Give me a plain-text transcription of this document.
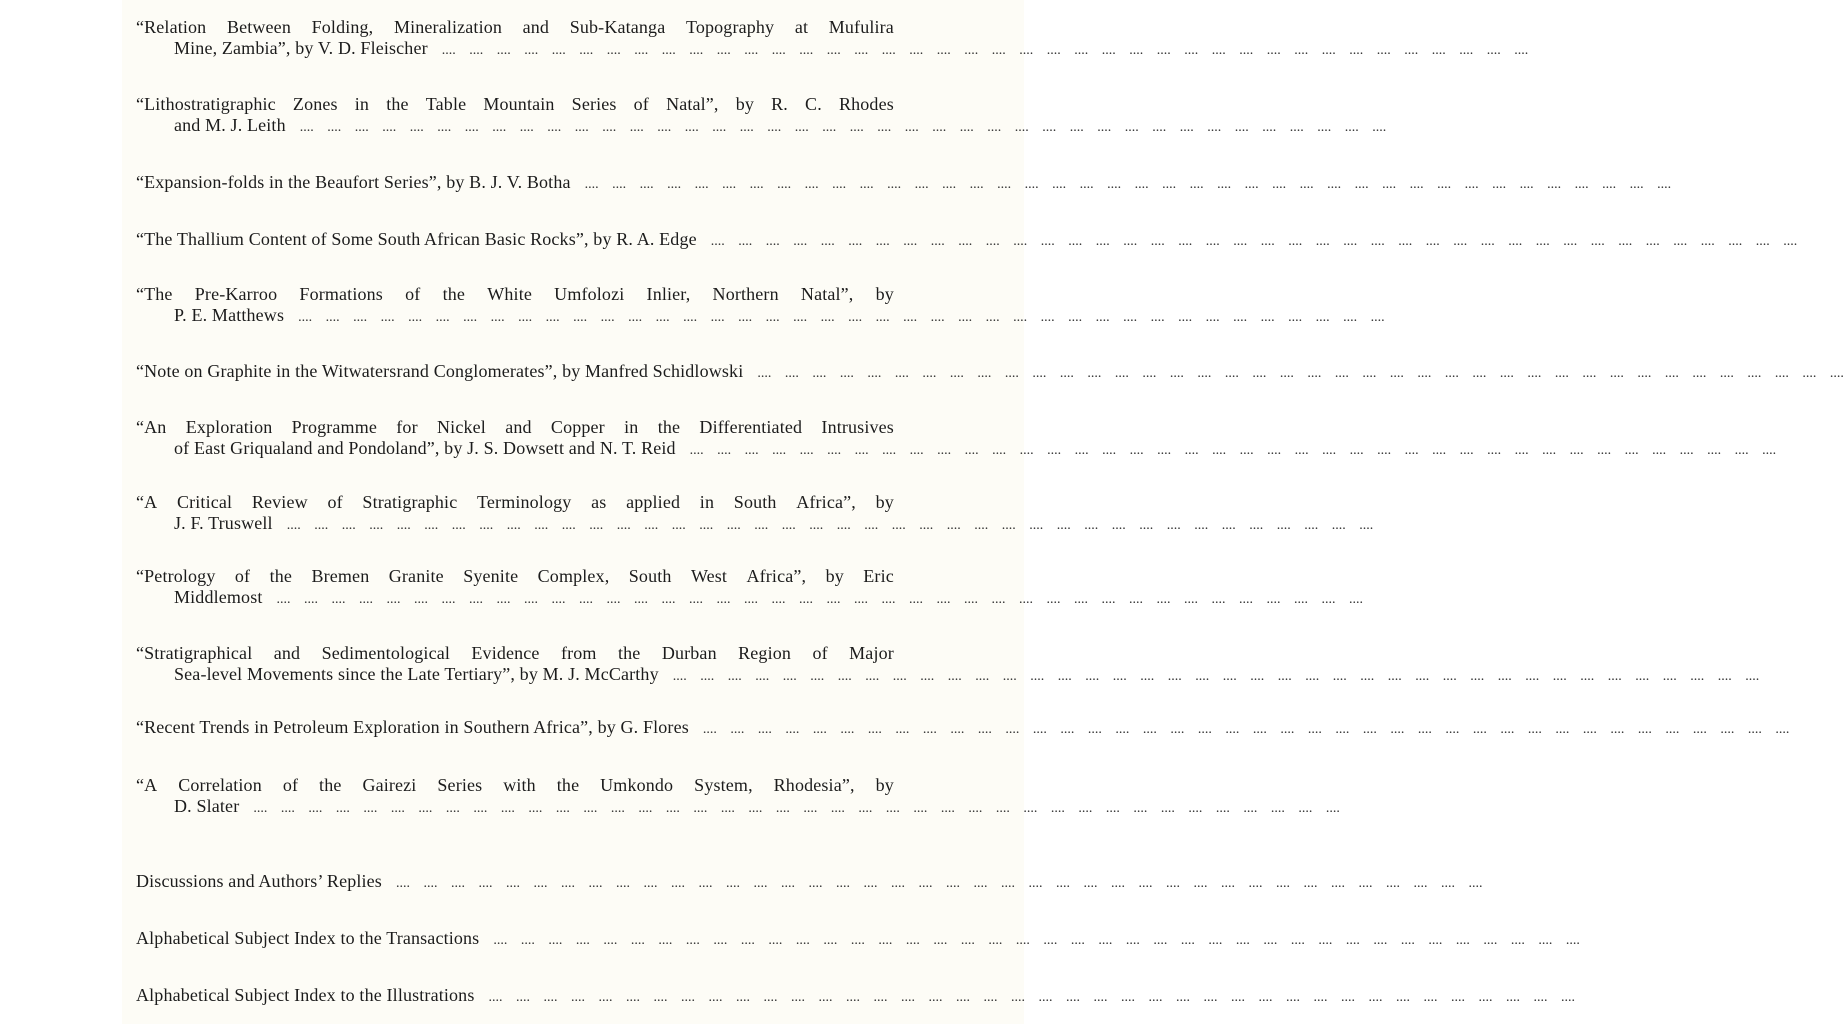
“Relation Between Folding, Mineralization and Sub-Katanga Topography at Mufulira
Mine, Zambia”, by V. D. Fleischer .... .... .... .... .... .... .... .... .... .... .... .... .... .... .... .... .... .... .... .... .... .... .... .... .... .... .... .... .... .... .... .... .... .... .... .... .... .... .... ....
“Lithostratigraphic Zones in the Table Mountain Series of Natal”, by R. C. Rhodes
and M. J. Leith .... .... .... .... .... .... .... .... .... .... .... .... .... .... .... .... .... .... .... .... .... .... .... .... .... .... .... .... .... .... .... .... .... .... .... .... .... .... .... ....
“Expansion-folds in the Beaufort Series”, by B. J. V. Botha .... .... .... .... .... .... .... .... .... .... .... .... .... .... .... .... .... .... .... .... .... .... .... .... .... .... .... .... .... .... .... .... .... .... .... .... .... .... .... ....
“The Thallium Content of Some South African Basic Rocks”, by R. A. Edge .... .... .... .... .... .... .... .... .... .... .... .... .... .... .... .... .... .... .... .... .... .... .... .... .... .... .... .... .... .... .... .... .... .... .... .... .... .... .... ....
“The Pre-Karroo Formations of the White Umfolozi Inlier, Northern Natal”, by
P. E. Matthews .... .... .... .... .... .... .... .... .... .... .... .... .... .... .... .... .... .... .... .... .... .... .... .... .... .... .... .... .... .... .... .... .... .... .... .... .... .... .... ....
“Note on Graphite in the Witwatersrand Conglomerates”, by Manfred Schidlowski .... .... .... .... .... .... .... .... .... .... .... .... .... .... .... .... .... .... .... .... .... .... .... .... .... .... .... .... .... .... .... .... .... .... .... .... .... .... .... ....
“An Exploration Programme for Nickel and Copper in the Differentiated Intrusives
of East Griqualand and Pondoland”, by J. S. Dowsett and N. T. Reid .... .... .... .... .... .... .... .... .... .... .... .... .... .... .... .... .... .... .... .... .... .... .... .... .... .... .... .... .... .... .... .... .... .... .... .... .... .... .... ....
“A Critical Review of Stratigraphic Terminology as applied in South Africa”, by
J. F. Truswell .... .... .... .... .... .... .... .... .... .... .... .... .... .... .... .... .... .... .... .... .... .... .... .... .... .... .... .... .... .... .... .... .... .... .... .... .... .... .... ....
“Petrology of the Bremen Granite Syenite Complex, South West Africa”, by Eric
Middlemost .... .... .... .... .... .... .... .... .... .... .... .... .... .... .... .... .... .... .... .... .... .... .... .... .... .... .... .... .... .... .... .... .... .... .... .... .... .... .... ....
“Stratigraphical and Sedimentological Evidence from the Durban Region of Major
Sea-level Movements since the Late Tertiary”, by M. J. McCarthy .... .... .... .... .... .... .... .... .... .... .... .... .... .... .... .... .... .... .... .... .... .... .... .... .... .... .... .... .... .... .... .... .... .... .... .... .... .... .... ....
“Recent Trends in Petroleum Exploration in Southern Africa”, by G. Flores .... .... .... .... .... .... .... .... .... .... .... .... .... .... .... .... .... .... .... .... .... .... .... .... .... .... .... .... .... .... .... .... .... .... .... .... .... .... .... ....
“A Correlation of the Gairezi Series with the Umkondo System, Rhodesia”, by
D. Slater .... .... .... .... .... .... .... .... .... .... .... .... .... .... .... .... .... .... .... .... .... .... .... .... .... .... .... .... .... .... .... .... .... .... .... .... .... .... .... ....
Discussions and Authors’ Replies .... .... .... .... .... .... .... .... .... .... .... .... .... .... .... .... .... .... .... .... .... .... .... .... .... .... .... .... .... .... .... .... .... .... .... .... .... .... .... ....
Alphabetical Subject Index to the Transactions .... .... .... .... .... .... .... .... .... .... .... .... .... .... .... .... .... .... .... .... .... .... .... .... .... .... .... .... .... .... .... .... .... .... .... .... .... .... .... ....
Alphabetical Subject Index to the Illustrations .... .... .... .... .... .... .... .... .... .... .... .... .... .... .... .... .... .... .... .... .... .... .... .... .... .... .... .... .... .... .... .... .... .... .... .... .... .... .... ....
